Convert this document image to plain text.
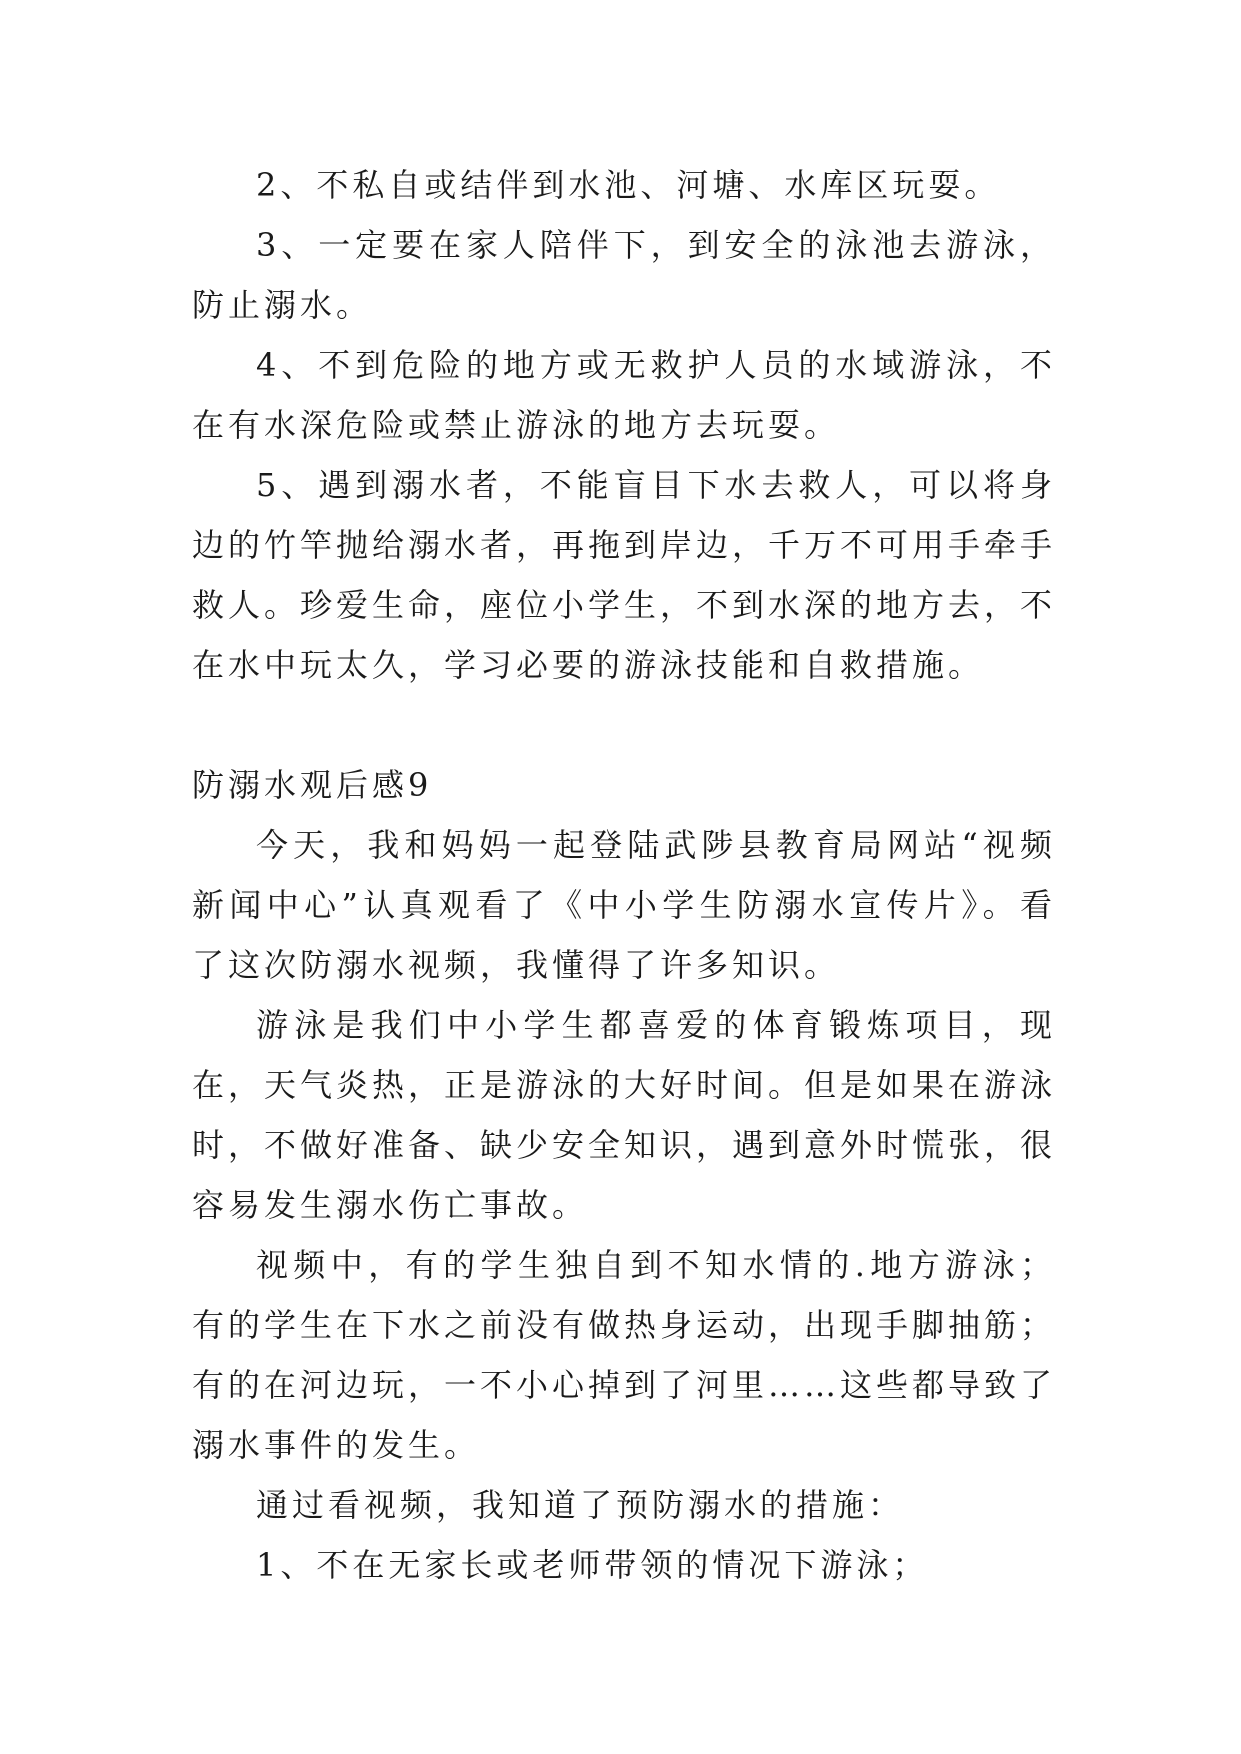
2、不私自或结伴到水池、河塘、水库区玩耍。

3、一定要在家人陪伴下，到安全的泳池去游泳，防止溺水。

4、不到危险的地方或无救护人员的水域游泳，不在有水深危险或禁止游泳的地方去玩耍。

5、遇到溺水者，不能盲目下水去救人，可以将身边的竹竿抛给溺水者，再拖到岸边，千万不可用手牵手救人。珍爱生命，座位小学生，不到水深的地方去，不在水中玩太久，学习必要的游泳技能和自救措施。

防溺水观后感9

今天，我和妈妈一起登陆武陟县教育局网站“视频新闻中心”认真观看了《中小学生防溺水宣传片》。看了这次防溺水视频，我懂得了许多知识。

游泳是我们中小学生都喜爱的体育锻炼项目，现在，天气炎热，正是游泳的大好时间。但是如果在游泳时，不做好准备、缺少安全知识，遇到意外时慌张，很容易发生溺水伤亡事故。

视频中，有的学生独自到不知水情的.地方游泳；有的学生在下水之前没有做热身运动，出现手脚抽筋；有的在河边玩，一不小心掉到了河里……这些都导致了溺水事件的发生。

通过看视频，我知道了预防溺水的措施：

1、不在无家长或老师带领的情况下游泳；
